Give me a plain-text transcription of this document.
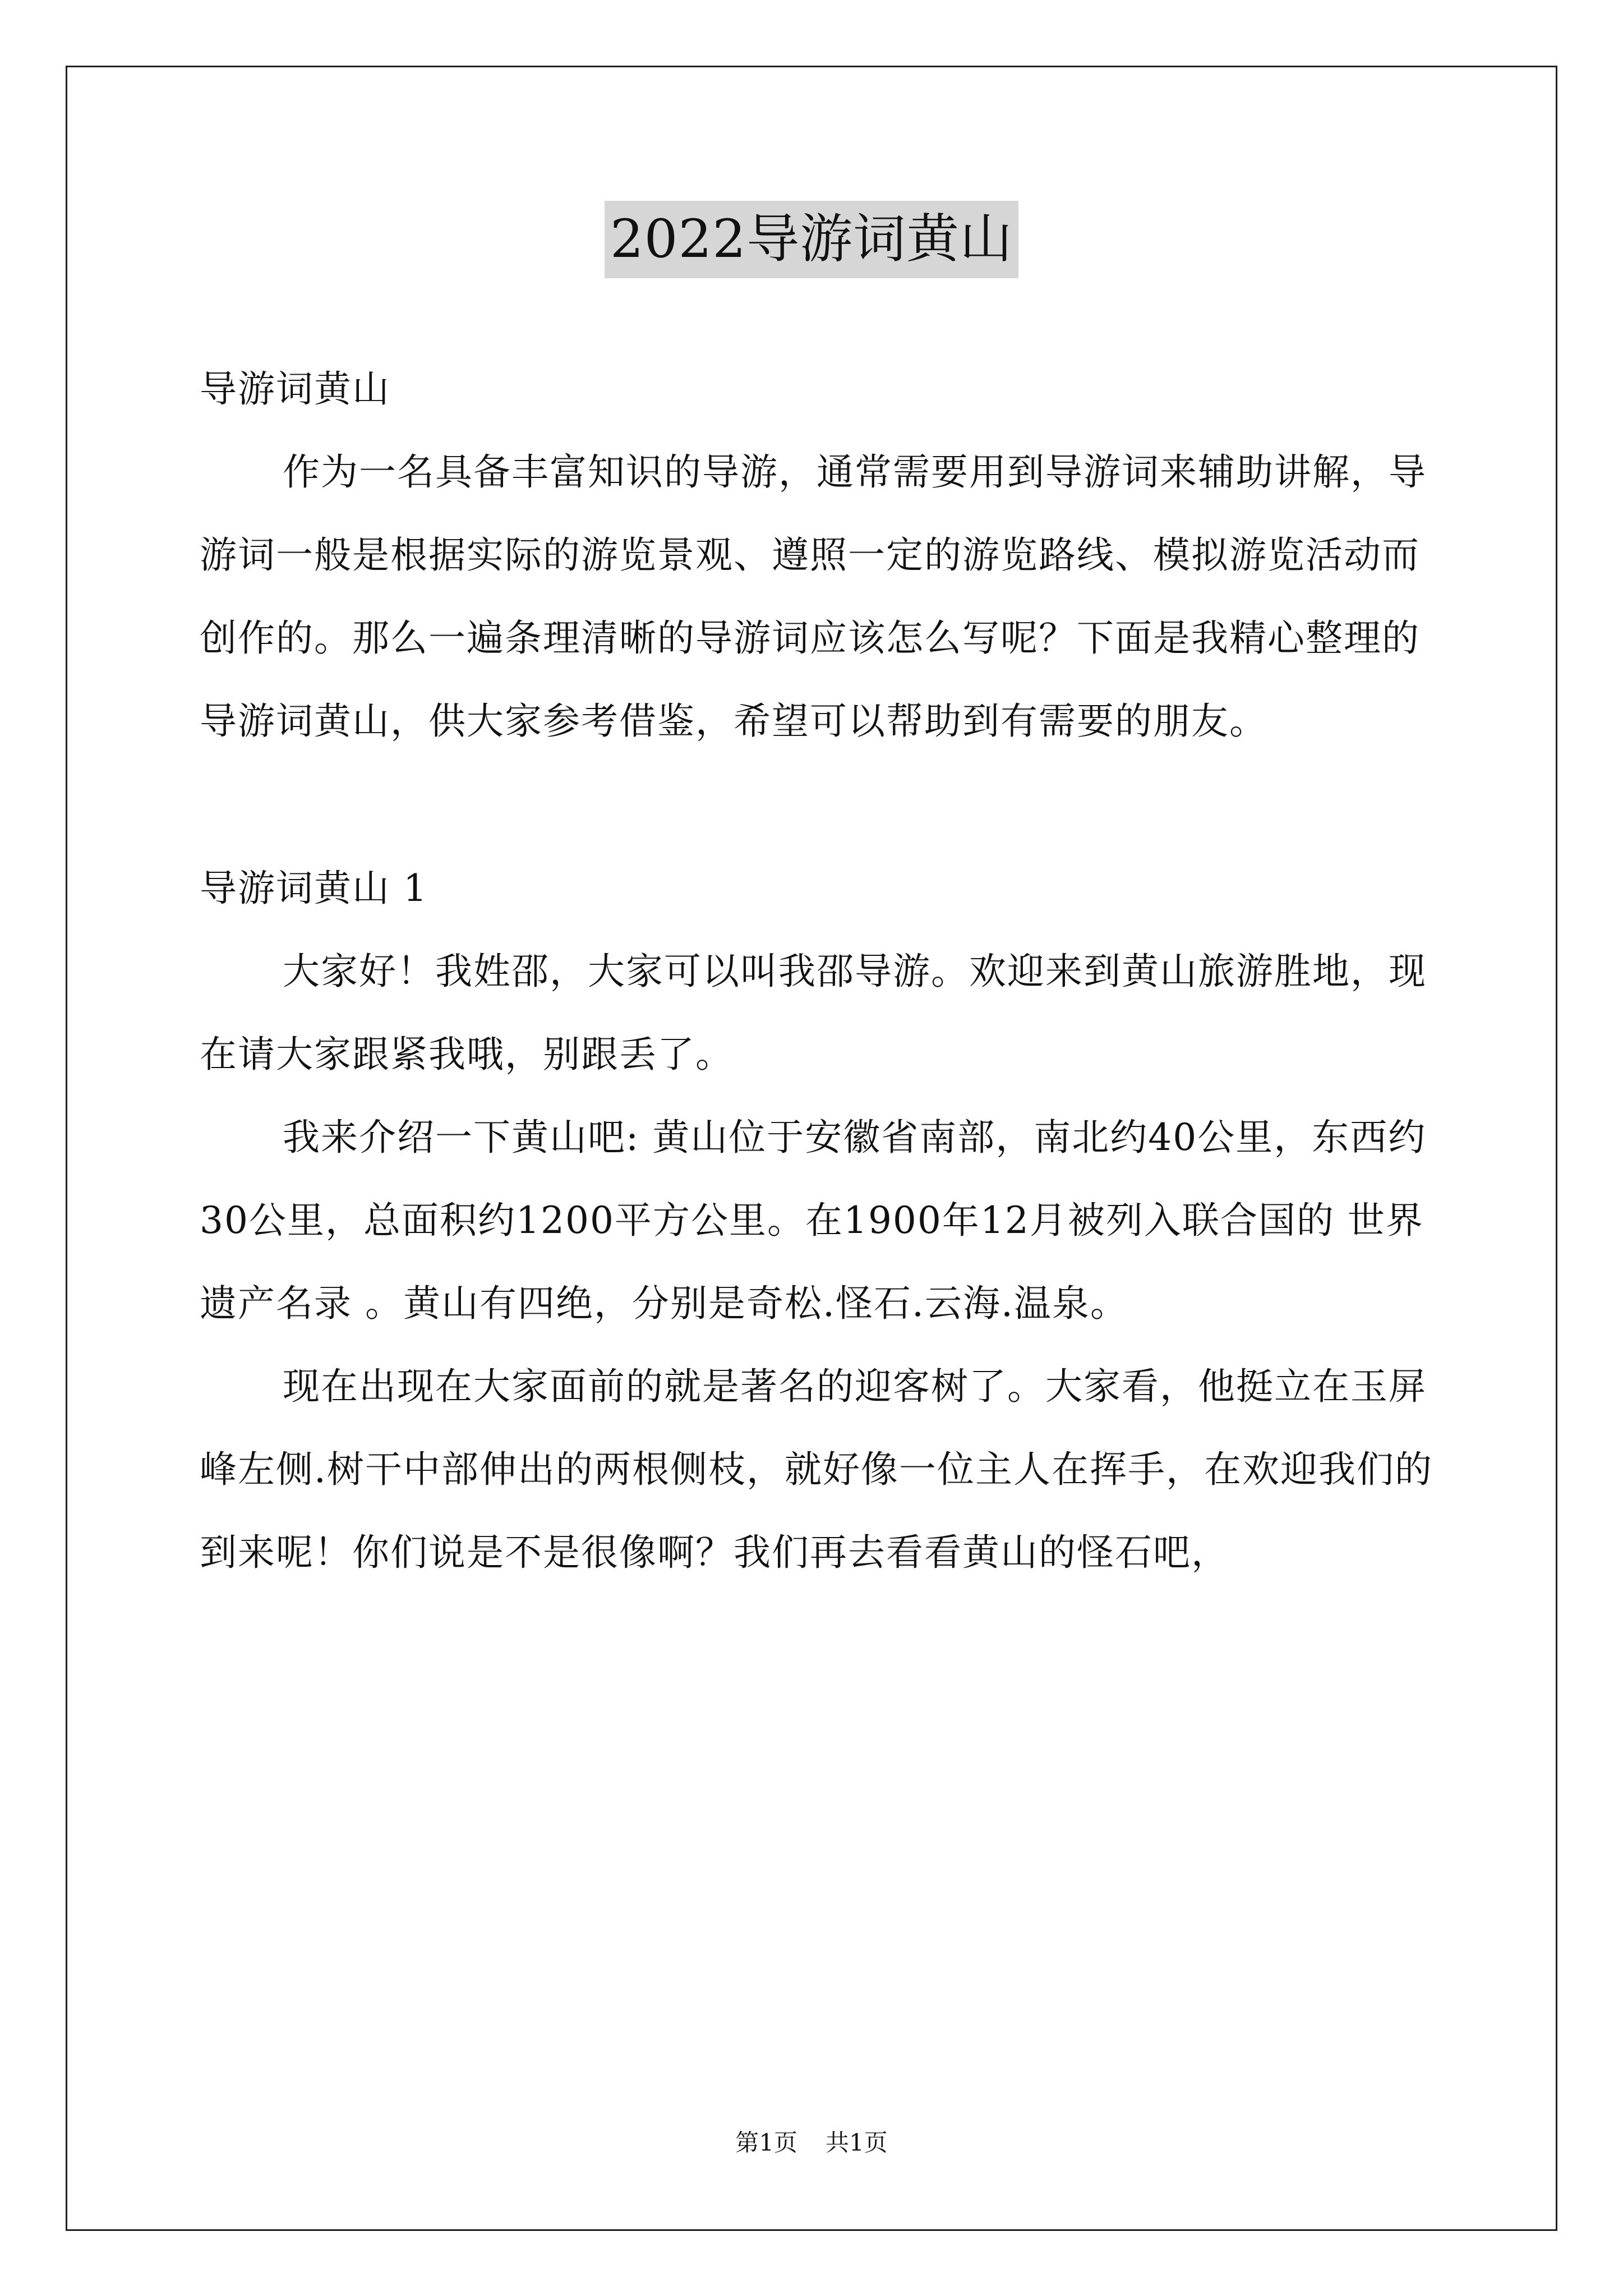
2022导游词黄山

导游词黄山

作为一名具备丰富知识的导游，通常需要用到导游词来辅助讲解，导游词一般是根据实际的游览景观、遵照一定的游览路线、模拟游览活动而创作的。那么一遍条理清晰的导游词应该怎么写呢？下面是我精心整理的导游词黄山，供大家参考借鉴，希望可以帮助到有需要的朋友。

导游词黄山 1

大家好！我姓邵，大家可以叫我邵导游。欢迎来到黄山旅游胜地，现在请大家跟紧我哦，别跟丢了。

我来介绍一下黄山吧: 黄山位于安徽省南部，南北约40公里，东西约30公里，总面积约1200平方公里。在1900年12月被列入联合国的 世界遗产名录 。黄山有四绝，分别是奇松.怪石.云海.温泉。

现在出现在大家面前的就是著名的迎客树了。大家看，他挺立在玉屏峰左侧.树干中部伸出的两根侧枝，就好像一位主人在挥手，在欢迎我们的到来呢！你们说是不是很像啊？我们再去看看黄山的怪石吧，

第1页 共1页
